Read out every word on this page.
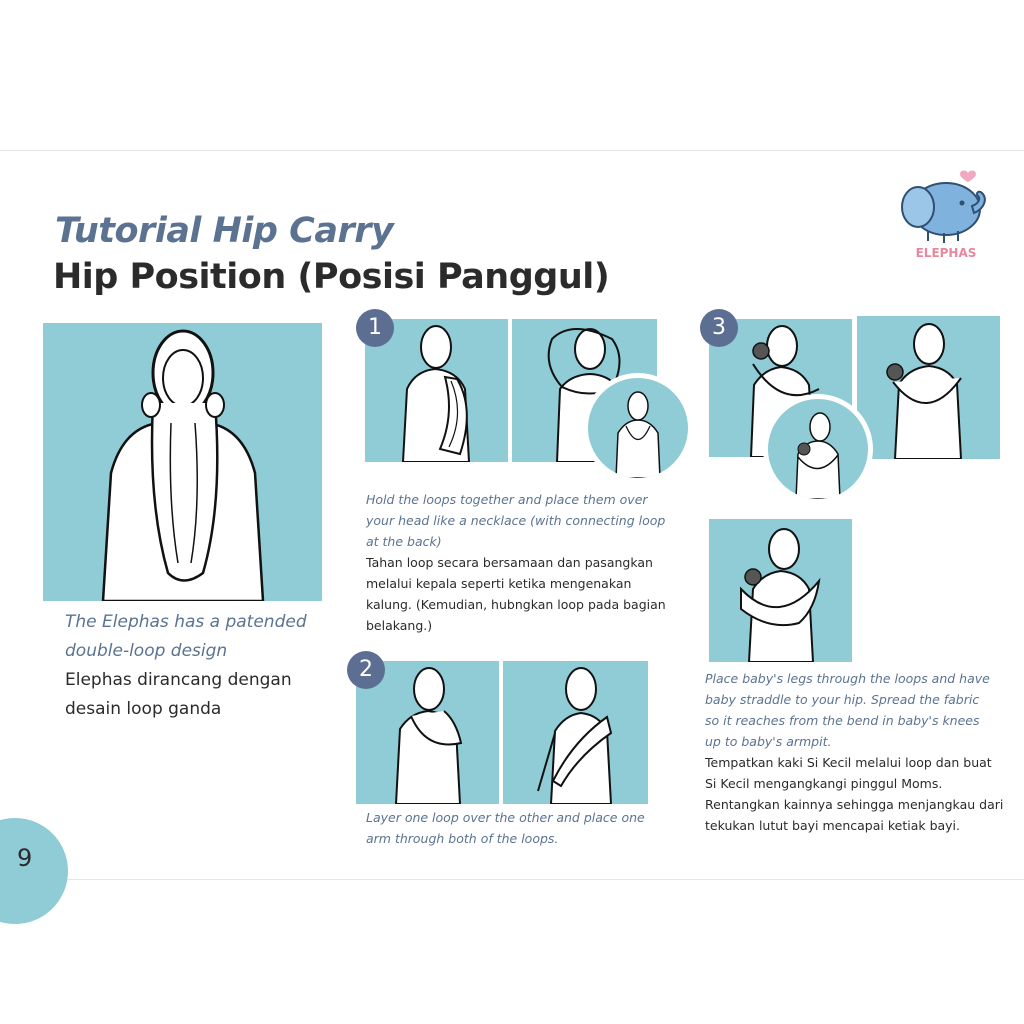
Tutorial Hip Carry
Hip Position (Posisi Panggul)
ELEPHAS

The Elephas has a patended double-loop design

Elephas dirancang dengan desain loop ganda

1

Hold the loops together and place them over your head like a necklace (with connecting loop at the back)

Tahan loop secara bersamaan dan pasangkan melalui kepala seperti ketika mengenakan kalung. (Kemudian, hubngkan loop pada bagian belakang.)

2

Layer one loop over the other and place one arm through both of the loops.

3

Place baby's legs through the loops and have baby straddle to your hip. Spread the fabric so it reaches from the bend in baby's knees up to baby's armpit.

Tempatkan kaki Si Kecil melalui loop dan buat Si Kecil mengangkangi pinggul Moms. Rentangkan kainnya sehingga menjangkau dari tekukan lutut bayi mencapai ketiak bayi.

9
